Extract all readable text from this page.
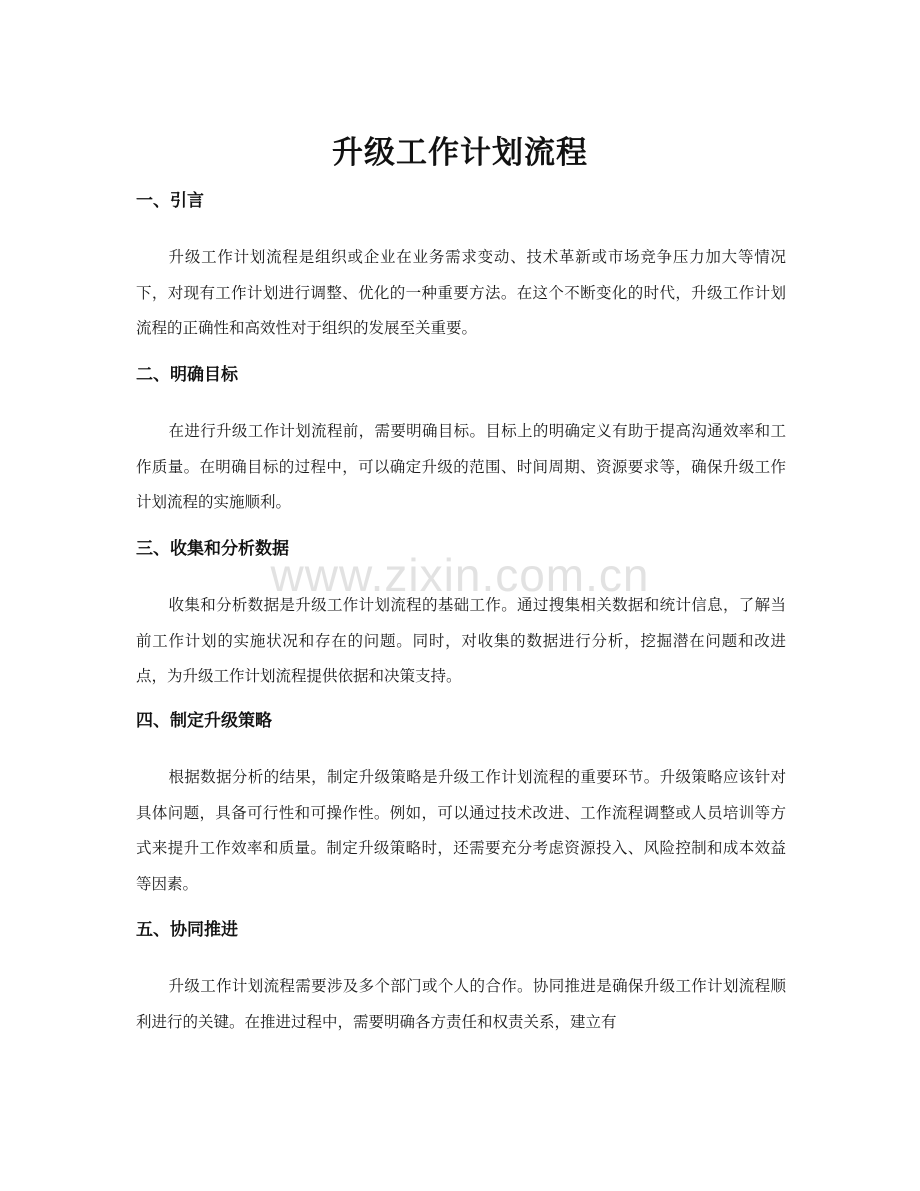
www.zixin.com.cn
升级工作计划流程
一、引言

升级工作计划流程是组织或企业在业务需求变动、技术革新或市场竞争压力加大等情况下，对现有工作计划进行调整、优化的一种重要方法。在这个不断变化的时代，升级工作计划流程的正确性和高效性对于组织的发展至关重要。

二、明确目标

在进行升级工作计划流程前，需要明确目标。目标上的明确定义有助于提高沟通效率和工作质量。在明确目标的过程中，可以确定升级的范围、时间周期、资源要求等，确保升级工作计划流程的实施顺利。

三、收集和分析数据

收集和分析数据是升级工作计划流程的基础工作。通过搜集相关数据和统计信息，了解当前工作计划的实施状况和存在的问题。同时，对收集的数据进行分析，挖掘潜在问题和改进点，为升级工作计划流程提供依据和决策支持。

四、制定升级策略

根据数据分析的结果，制定升级策略是升级工作计划流程的重要环节。升级策略应该针对具体问题，具备可行性和可操作性。例如，可以通过技术改进、工作流程调整或人员培训等方式来提升工作效率和质量。制定升级策略时，还需要充分考虑资源投入、风险控制和成本效益等因素。

五、协同推进

升级工作计划流程需要涉及多个部门或个人的合作。协同推进是确保升级工作计划流程顺利进行的关键。在推进过程中，需要明确各方责任和权责关系，建立有
